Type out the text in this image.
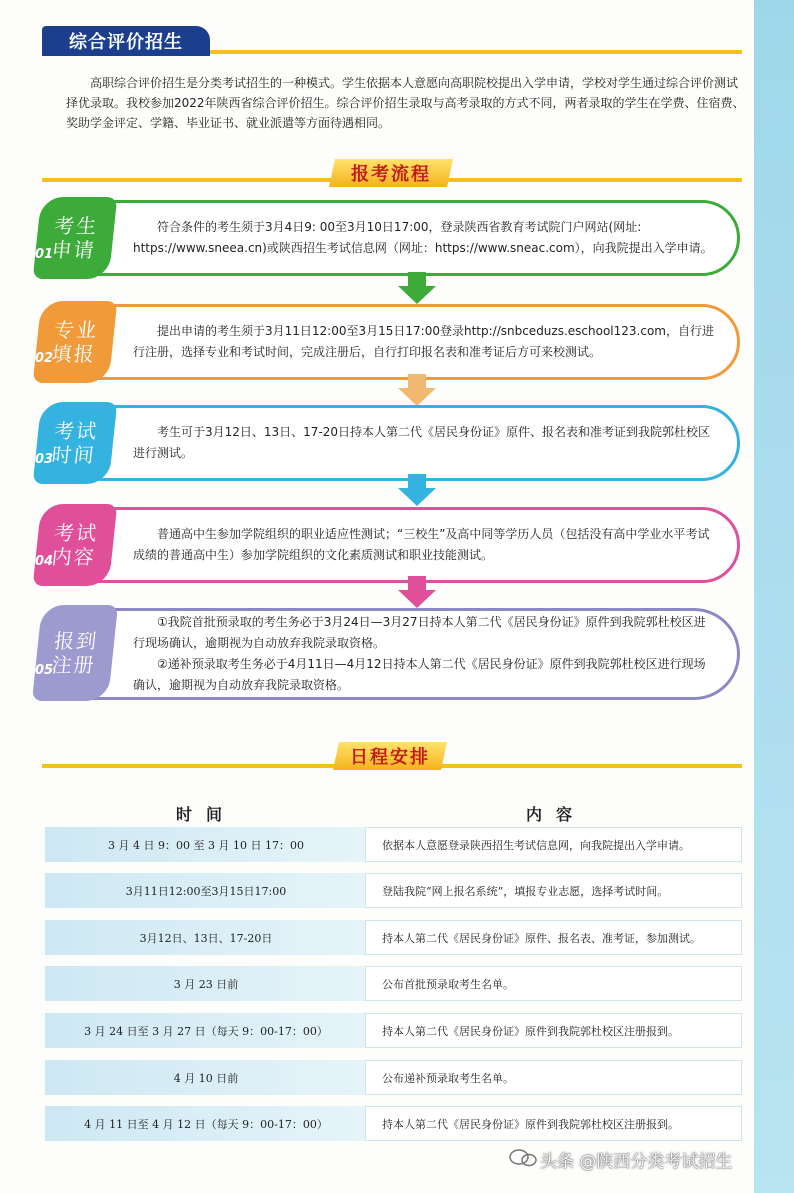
综合评价招生

高职综合评价招生是分类考试招生的一种模式。学生依据本人意愿向高职院校提出入学申请，学校对学生通过综合评价测试择优录取。我校参加2022年陕西省综合评价招生。综合评价招生录取与高考录取的方式不同，两者录取的学生在学费、住宿费、奖助学金评定、学籍、毕业证书、就业派遣等方面待遇相同。

报考流程
考生
申请
01

符合条件的考生须于3月4日9: 00至3月10日17:00，登录陕西省教育考试院门户网站(网址: https://www.sneea.cn)或陕西招生考试信息网（网址：https://www.sneac.com），向我院提出入学申请。

专业
填报
02

提出申请的考生须于3月11日12:00至3月15日17:00登录http://snbceduzs.eschool123.com，自行进行注册，选择专业和考试时间，完成注册后，自行打印报名表和准考证后方可来校测试。

考试
时间
03

考生可于3月12日、13日、17-20日持本人第二代《居民身份证》原件、报名表和准考证到我院郭杜校区进行测试。

考试
内容
04

普通高中生参加学院组织的职业适应性测试；“三校生”及高中同等学历人员（包括没有高中学业水平考试成绩的普通高中生）参加学院组织的文化素质测试和职业技能测试。

报到
注册
05

①我院首批预录取的考生务必于3月24日—3月27日持本人第二代《居民身份证》原件到我院郭杜校区进行现场确认，逾期视为自动放弃我院录取资格。

②递补预录取考生务必于4月11日—4月12日持本人第二代《居民身份证》原件到我院郭杜校区进行现场确认，逾期视为自动放弃我院录取资格。

日程安排
时间	内容
3 月 4 日 9：00 至 3 月 10 日 17：00	依据本人意愿登录陕西招生考试信息网，向我院提出入学申请。
3月11日12:00至3月15日17:00	登陆我院“网上报名系统”，填报专业志愿，选择考试时间。
3月12日、13日、17-20日	持本人第二代《居民身份证》原件、报名表、准考证，参加测试。
3 月 23 日前	公布首批预录取考生名单。
3 月 24 日至 3 月 27 日（每天 9：00-17：00）	持本人第二代《居民身份证》原件到我院郭杜校区注册报到。
4 月 10 日前	公布递补预录取考生名单。
4 月 11 日至 4 月 12 日（每天 9：00-17：00）	持本人第二代《居民身份证》原件到我院郭杜校区注册报到。
头条 @陕西分类考试招生
